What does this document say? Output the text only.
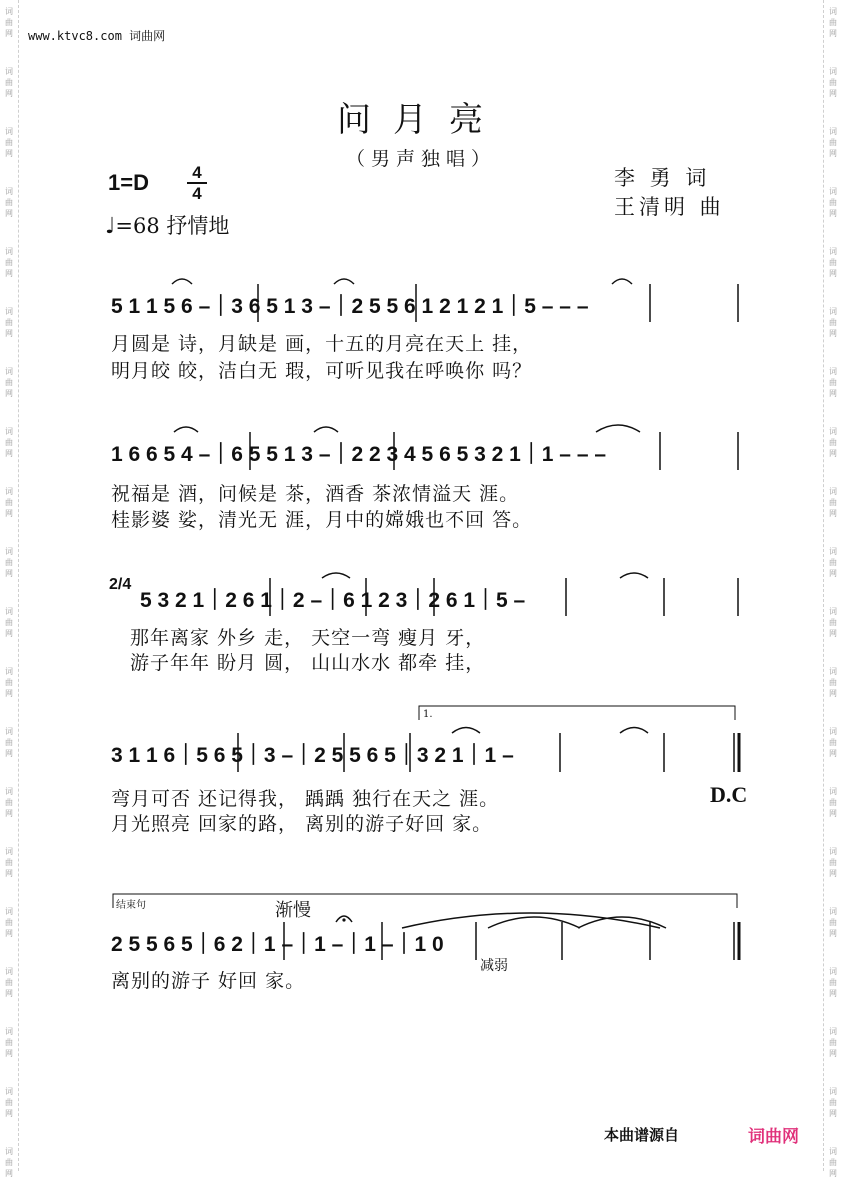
词曲网
词曲网
词曲网
词曲网
词曲网
词曲网
词曲网
词曲网
词曲网
词曲网
词曲网
词曲网
词曲网
词曲网
词曲网
词曲网
词曲网
词曲网
词曲网
词曲网
词曲网
词曲网
词曲网
词曲网
词曲网
词曲网
词曲网
词曲网
词曲网
词曲网
词曲网
词曲网
词曲网
词曲网
词曲网
词曲网
词曲网
词曲网
词曲网
词曲网
www.ktvc8.com 词曲网
问月亮
（男声独唱）
1=D	4
4
♩=68 抒情地
李 勇 词
王清明 曲
5 1 1 5 6 –｜3 6 5 1 3 –｜2 5 5 6 1 2 1 2 1｜5 – – –
月圆是 诗，月缺是 画，十五的月亮在天上 挂，
明月皎 皎，洁白无 瑕，可听见我在呼唤你 吗？
1 6 6 5 4 –｜6 5 5 1 3 –｜2 2 3 4 5 6 5 3 2 1｜1 – – –
祝福是 酒，问候是 茶，酒香 茶浓情溢天 涯。
桂影婆 娑，清光无 涯，月中的嫦娥也不回 答。
2/4
5 3 2 1｜2 6 1｜2 –｜6 1 2 3｜2 6 1｜5 –
那年离家 外乡 走， 天空一弯 瘦月 牙，
游子年年 盼月 圆， 山山水水 都牵 挂，
1.
3 1 1 6｜5 6 5｜3 –｜2 5 5 6 5｜3 2 1｜1 –
弯月可否 还记得我， 踽踽 独行在天之 涯。
月光照亮 回家的路， 离别的游子好回 家。
D.C
结束句	渐慢
2 5 5 6 5｜6 2｜1 –｜1 –｜1 –｜1 0
减弱
离别的游子 好回 家。
本曲谱源自	词曲网
